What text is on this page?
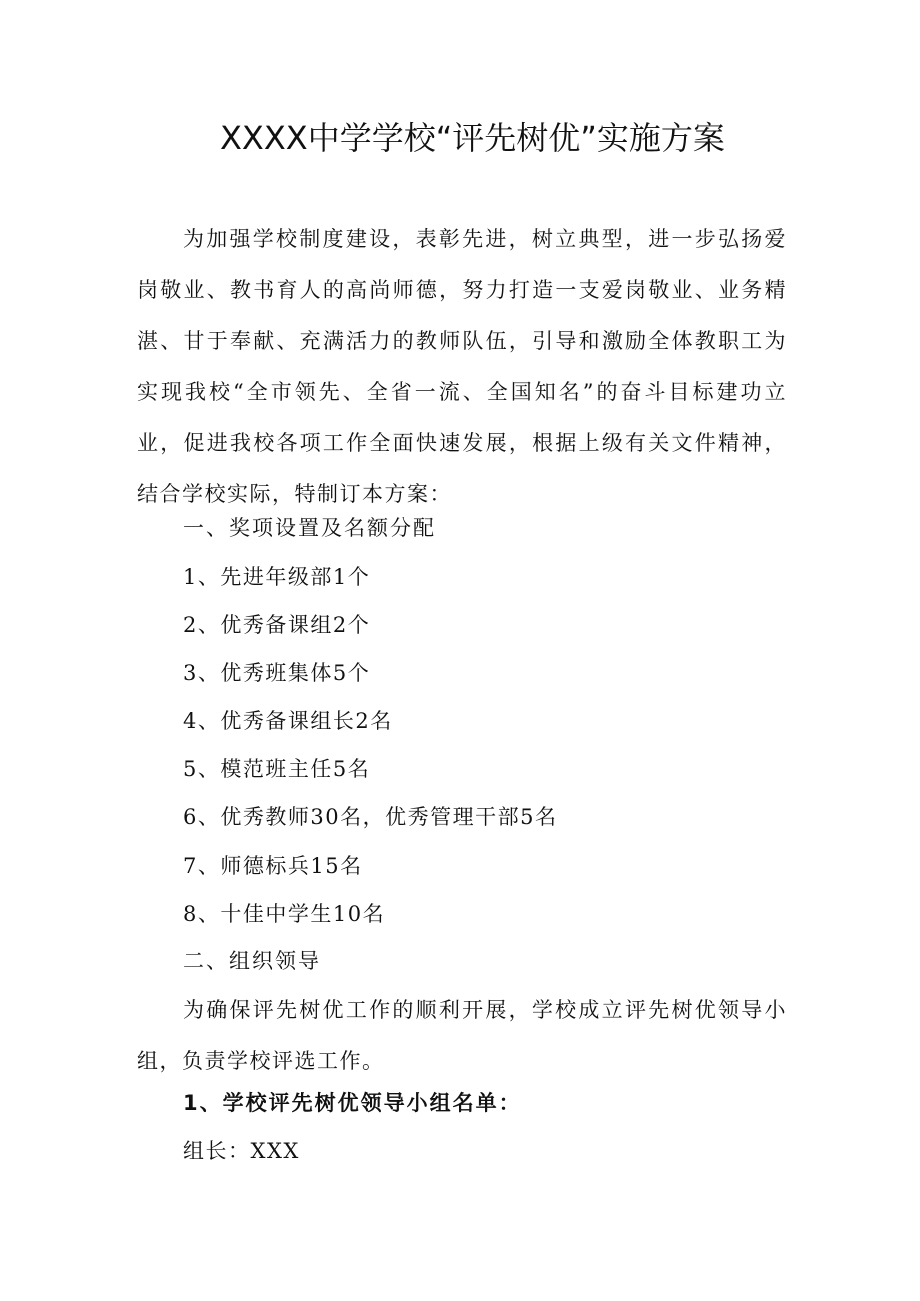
XXXX中学学校“评先树优”实施方案
为加强学校制度建设，表彰先进，树立典型，进一步弘扬爱岗敬业、教书育人的高尚师德，努力打造一支爱岗敬业、业务精湛、甘于奉献、充满活力的教师队伍，引导和激励全体教职工为实现我校“全市领先、全省一流、全国知名”的奋斗目标建功立业，促进我校各项工作全面快速发展，根据上级有关文件精神，结合学校实际，特制订本方案：
一、奖项设置及名额分配
1、先进年级部1个
2、优秀备课组2个
3、优秀班集体5个
4、优秀备课组长2名
5、模范班主任5名
6、优秀教师30名，优秀管理干部5名
7、师德标兵15名
8、十佳中学生10名
二、组织领导
为确保评先树优工作的顺利开展，学校成立评先树优领导小组，负责学校评选工作。
1、学校评先树优领导小组名单：
组长：XXX
